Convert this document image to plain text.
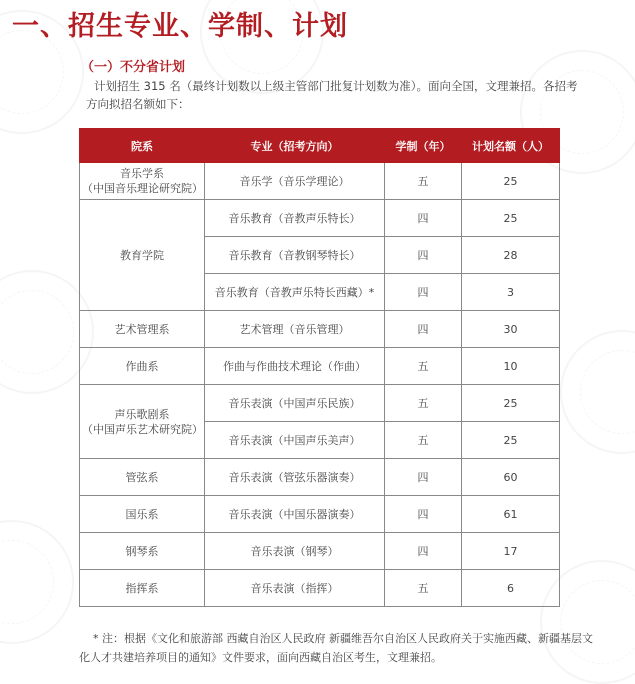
一、招生专业、学制、计划
（一）不分省计划
计划招生 315 名（最终计划数以上级主管部门批复计划数为准）。面向全国，文理兼招。各招考方向拟招名额如下：
院系	专业（招考方向）	学制（年）	计划名额（人）
音乐学系
（中国音乐理论研究院）	音乐学（音乐学理论）	五	25
教育学院	音乐教育（音教声乐特长）	四	25
	音乐教育（音教钢琴特长）	四	28
	音乐教育（音教声乐特长西藏）*	四	3
艺术管理系	艺术管理（音乐管理）	四	30
作曲系	作曲与作曲技术理论（作曲）	五	10
声乐歌剧系
（中国声乐艺术研究院）	音乐表演（中国声乐民族）	五	25
	音乐表演（中国声乐美声）	五	25
管弦系	音乐表演（管弦乐器演奏）	四	60
国乐系	音乐表演（中国乐器演奏）	四	61
钢琴系	音乐表演（钢琴）	四	17
指挥系	音乐表演（指挥）	五	6
* 注：根据《文化和旅游部 西藏自治区人民政府 新疆维吾尔自治区人民政府关于实施西藏、新疆基层文化人才共建培养项目的通知》文件要求，面向西藏自治区考生，文理兼招。
